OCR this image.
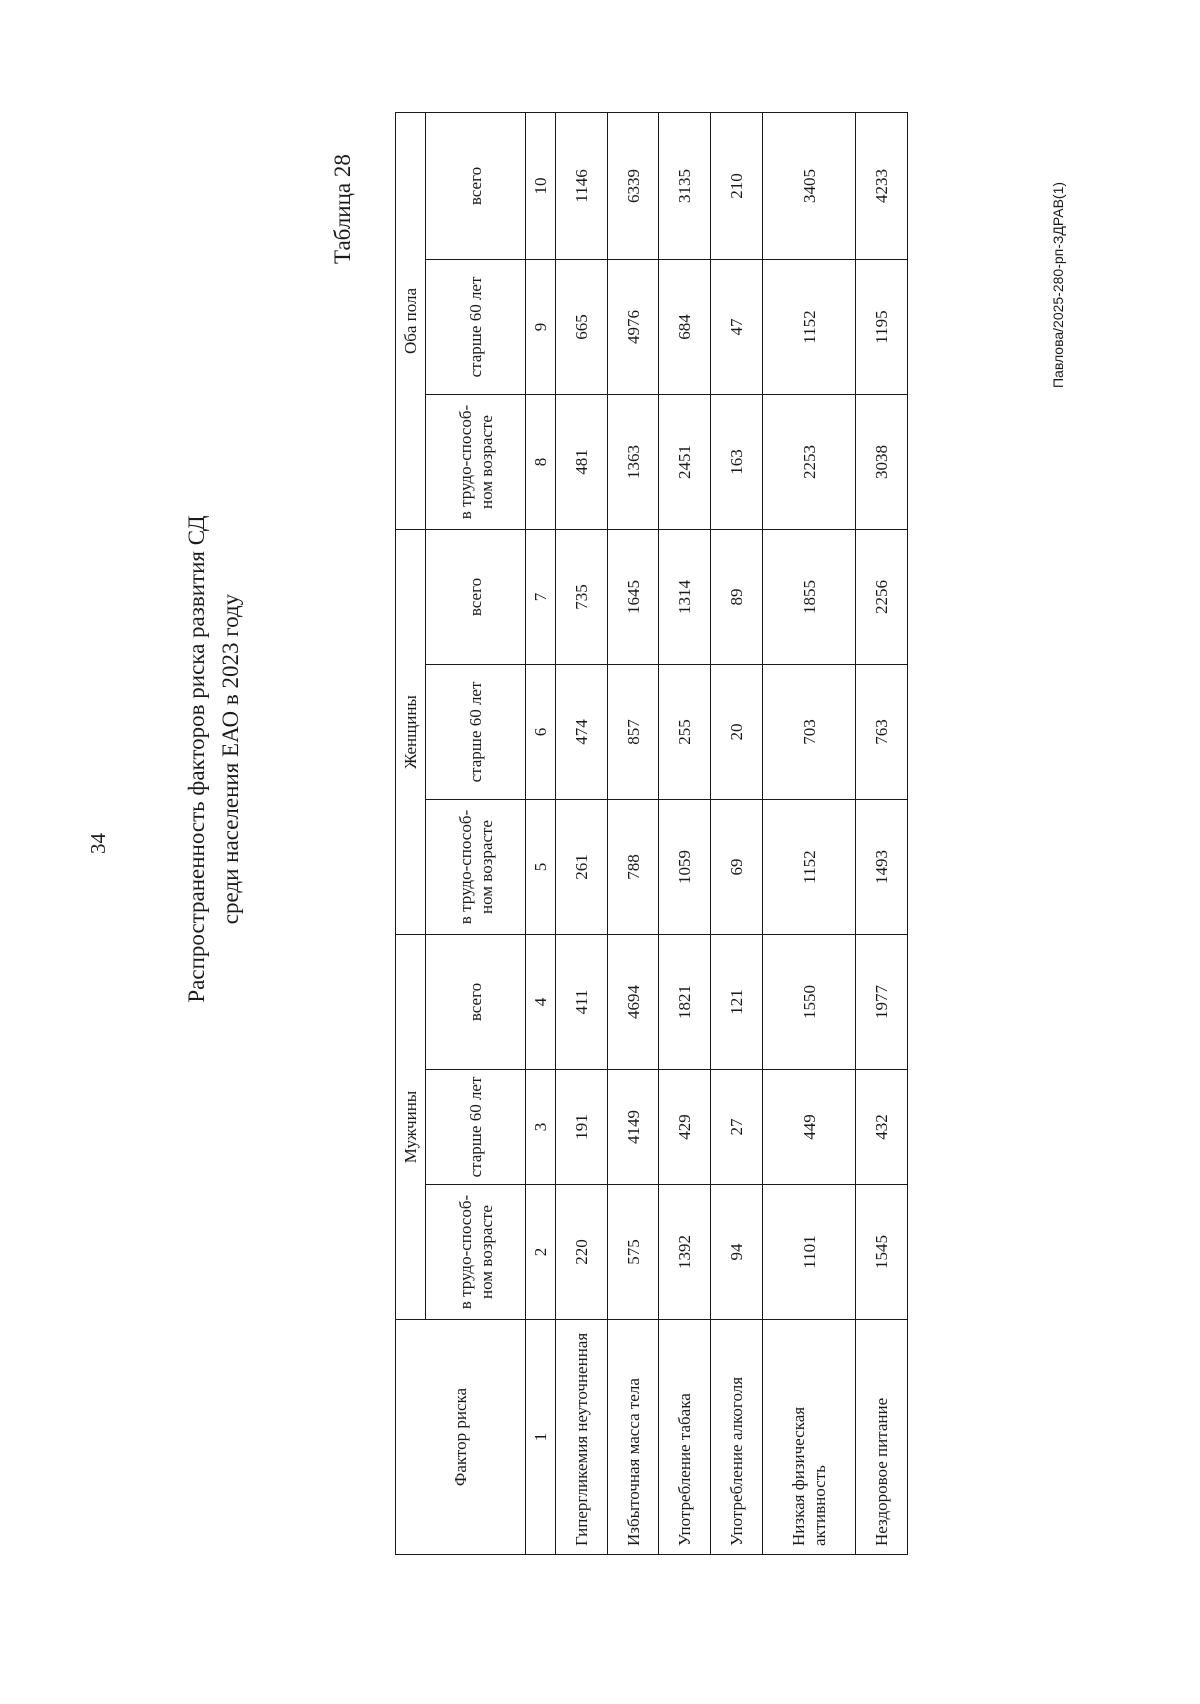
34	Распространенность факторов риска развития СД среди населения ЕАО в 2023 году
Таблица 28	Павлова/2025-280-рп-ЗДРАВ(1)
Фактор риска	Мужчины			Женщины			Оба пола		
	в трудо-способ-ном возрасте	старше 60 лет	всего	в трудо-способ-ном возрасте	старше 60 лет	всего	в трудо-способ-ном возрасте	старше 60 лет	всего
1	2	3	4	5	6	7	8	9	10
Гипергликемия неуточненная	220	191	411	261	474	735	481	665	1146
Избыточная масса тела	575	4149	4694	788	857	1645	1363	4976	6339
Употребление табака	1392	429	1821	1059	255	1314	2451	684	3135
Употребление алкоголя	94	27	121	69	20	89	163	47	210
Низкая физическая активность	1101	449	1550	1152	703	1855	2253	1152	3405
Нездоровое питание	1545	432	1977	1493	763	2256	3038	1195	4233
